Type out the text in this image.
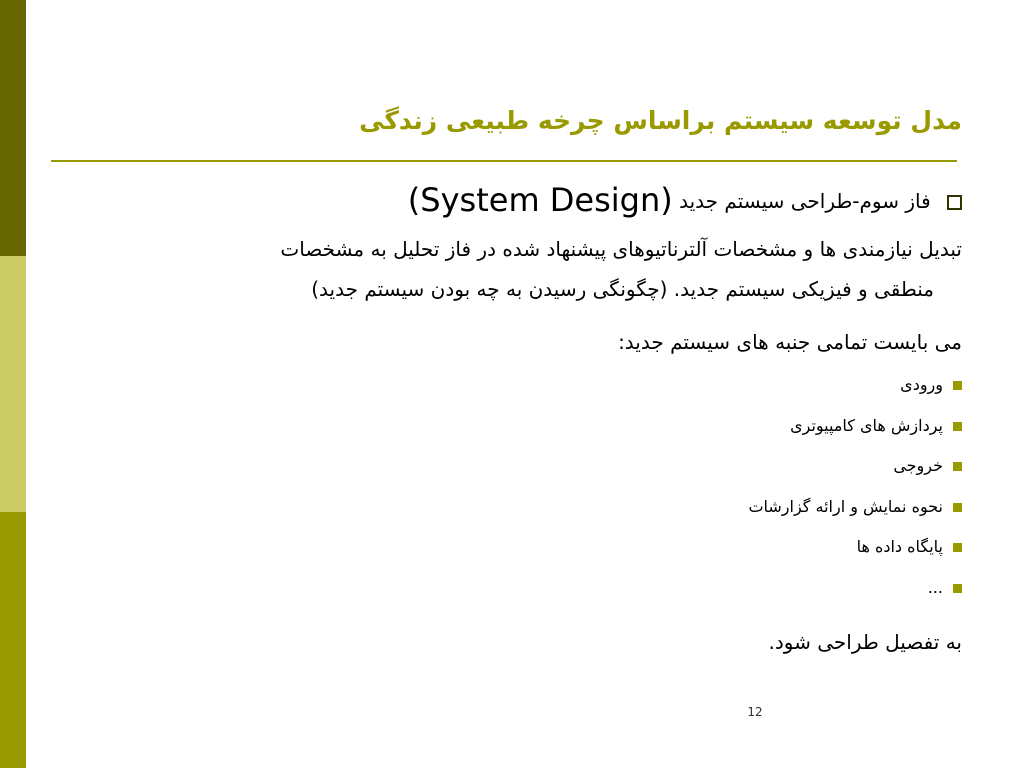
مدل توسعه سیستم براساس چرخه طبیعی زندگی
فاز سوم-طراحی سیستم جدید (System Design)
تبدیل نیازمندی ها و مشخصات آلترناتیوهای پیشنهاد شده در فاز تحلیل به مشخصات
منطقی و فیزیکی سیستم جدید. (چگونگی رسیدن به چه بودن سیستم جدید)
می بایست تمامی جنبه های سیستم جدید:
ورودی
پردازش های کامپیوتری
خروجی
نحوه نمایش و ارائه گزارشات
پایگاه داده ها
...
به تفصیل طراحی شود.
12
